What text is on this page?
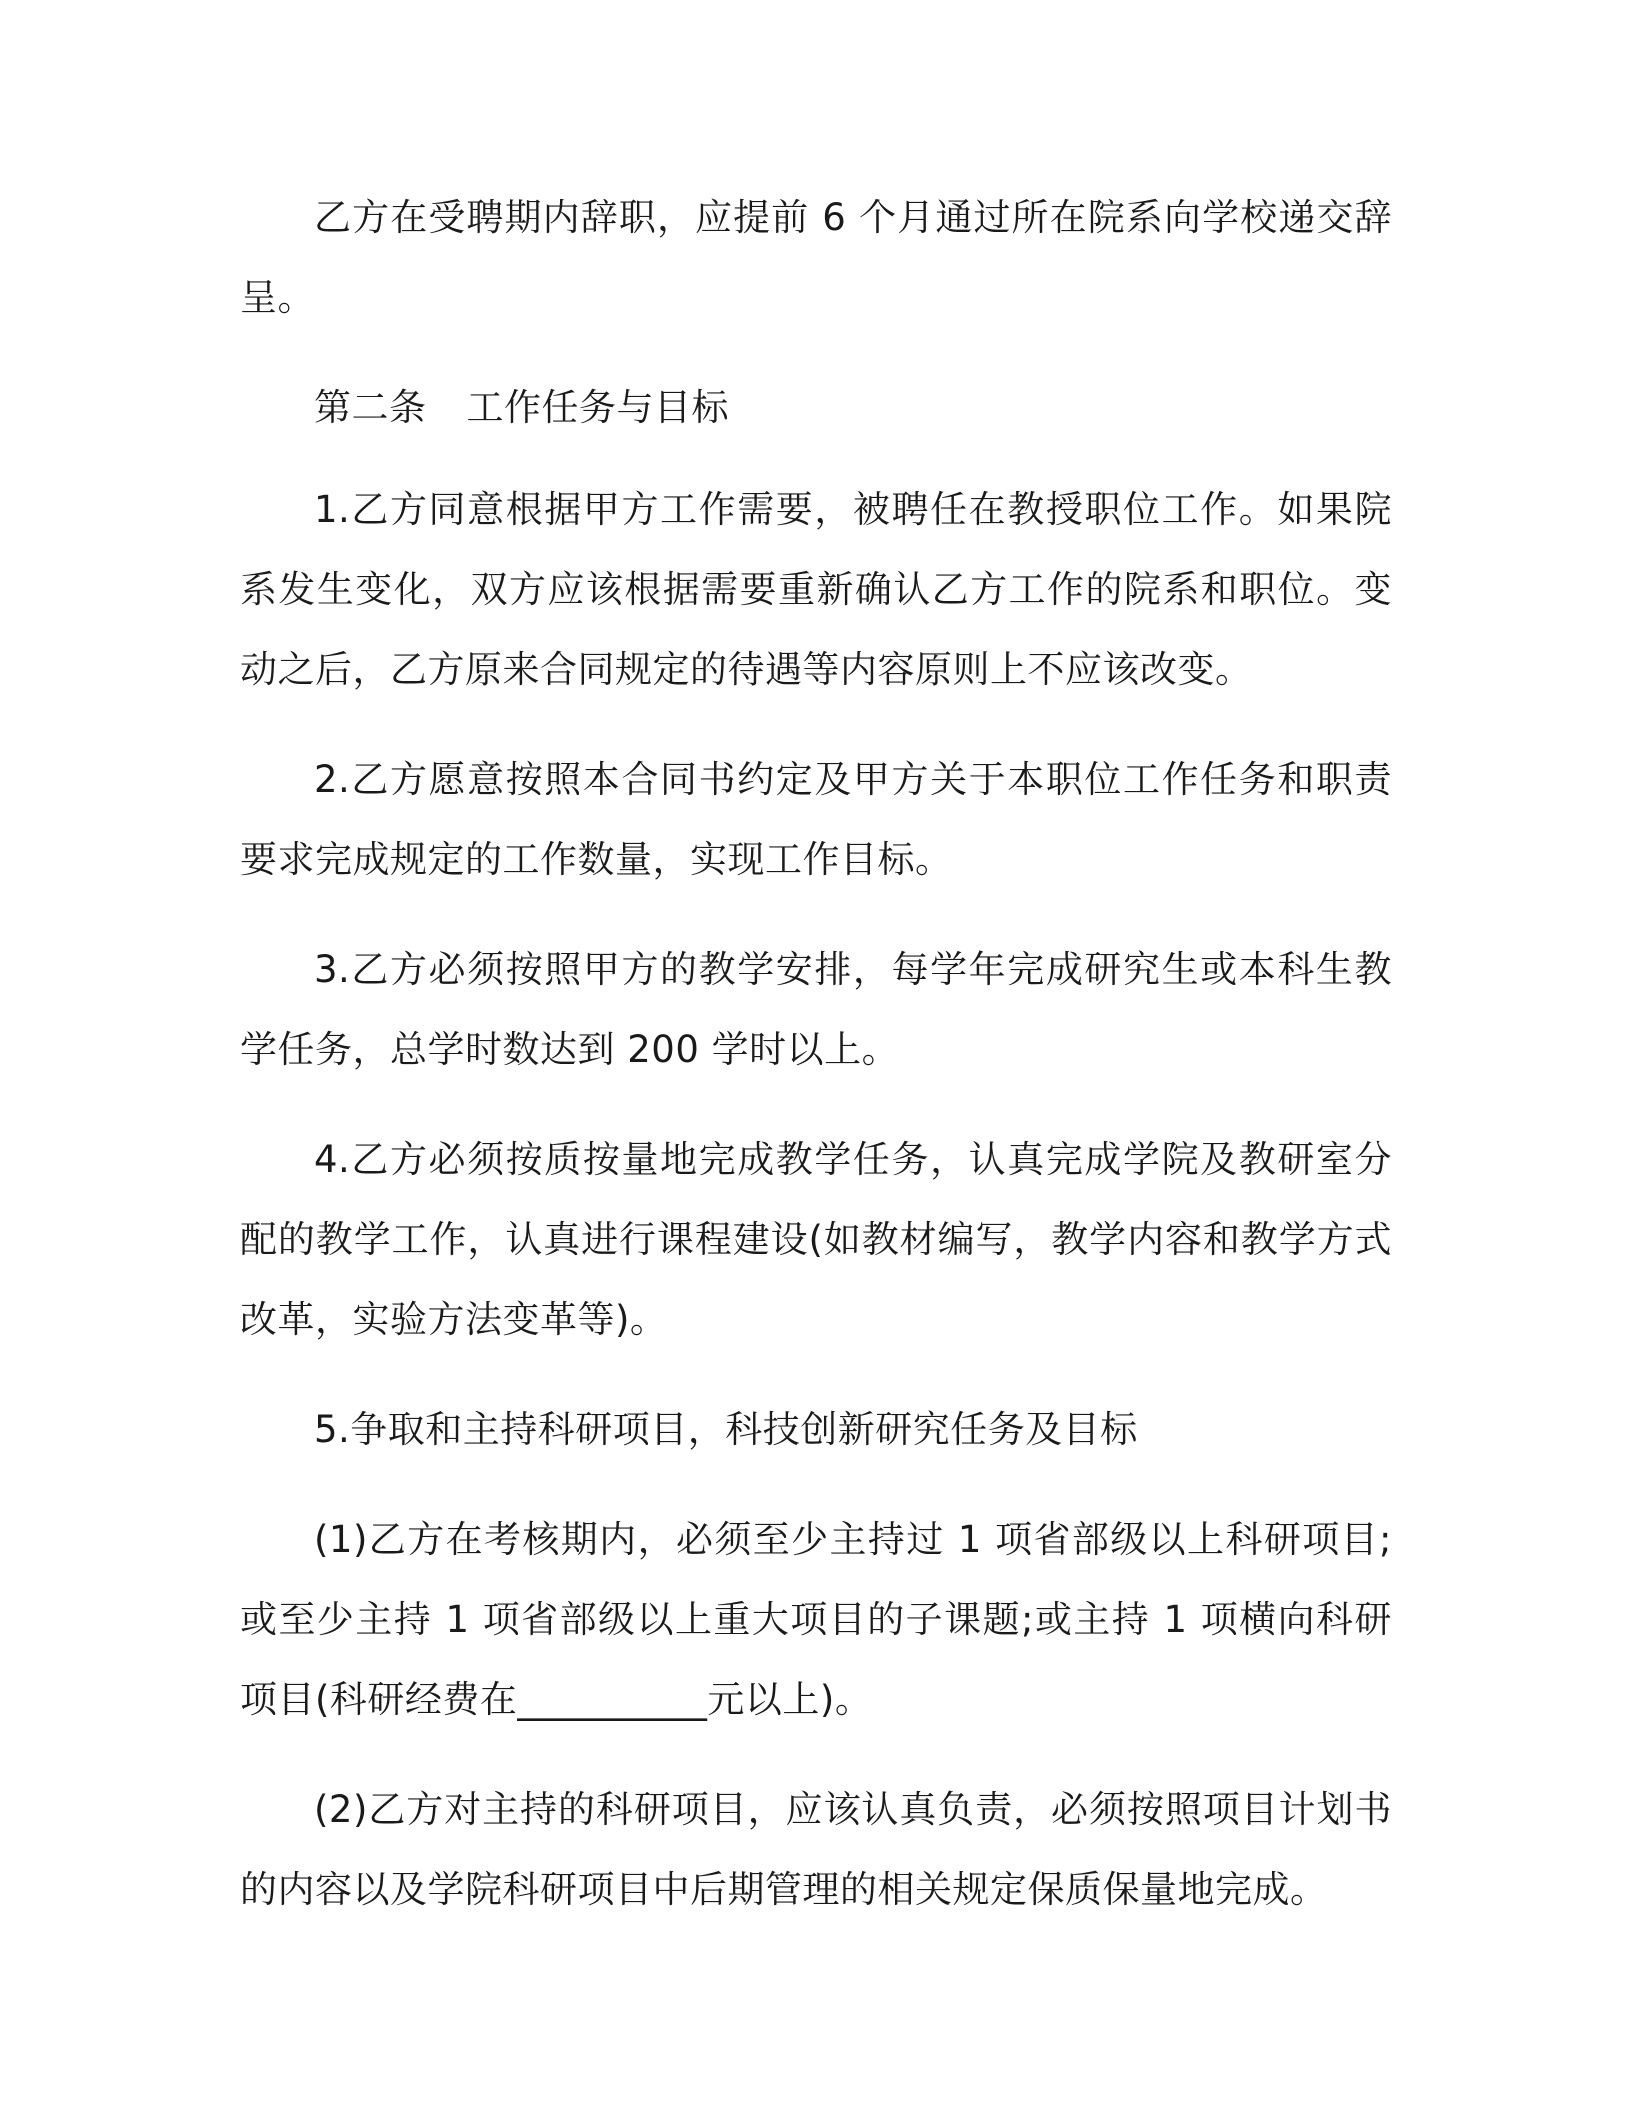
乙方在受聘期内辞职，应提前 6 个月通过所在院系向学校递交辞呈。

第二条 工作任务与目标

1.乙方同意根据甲方工作需要，被聘任在教授职位工作。如果院系发生变化，双方应该根据需要重新确认乙方工作的院系和职位。变动之后，乙方原来合同规定的待遇等内容原则上不应该改变。

2.乙方愿意按照本合同书约定及甲方关于本职位工作任务和职责要求完成规定的工作数量，实现工作目标。

3.乙方必须按照甲方的教学安排，每学年完成研究生或本科生教学任务，总学时数达到 200 学时以上。

4.乙方必须按质按量地完成教学任务，认真完成学院及教研室分配的教学工作，认真进行课程建设(如教材编写，教学内容和教学方式改革，实验方法变革等)。

5.争取和主持科研项目，科技创新研究任务及目标

(1)乙方在考核期内，必须至少主持过 1 项省部级以上科研项目;或至少主持 1 项省部级以上重大项目的子课题;或主持 1 项横向科研项目(科研经费在__________元以上)。

(2)乙方对主持的科研项目，应该认真负责，必须按照项目计划书的内容以及学院科研项目中后期管理的相关规定保质保量地完成。
